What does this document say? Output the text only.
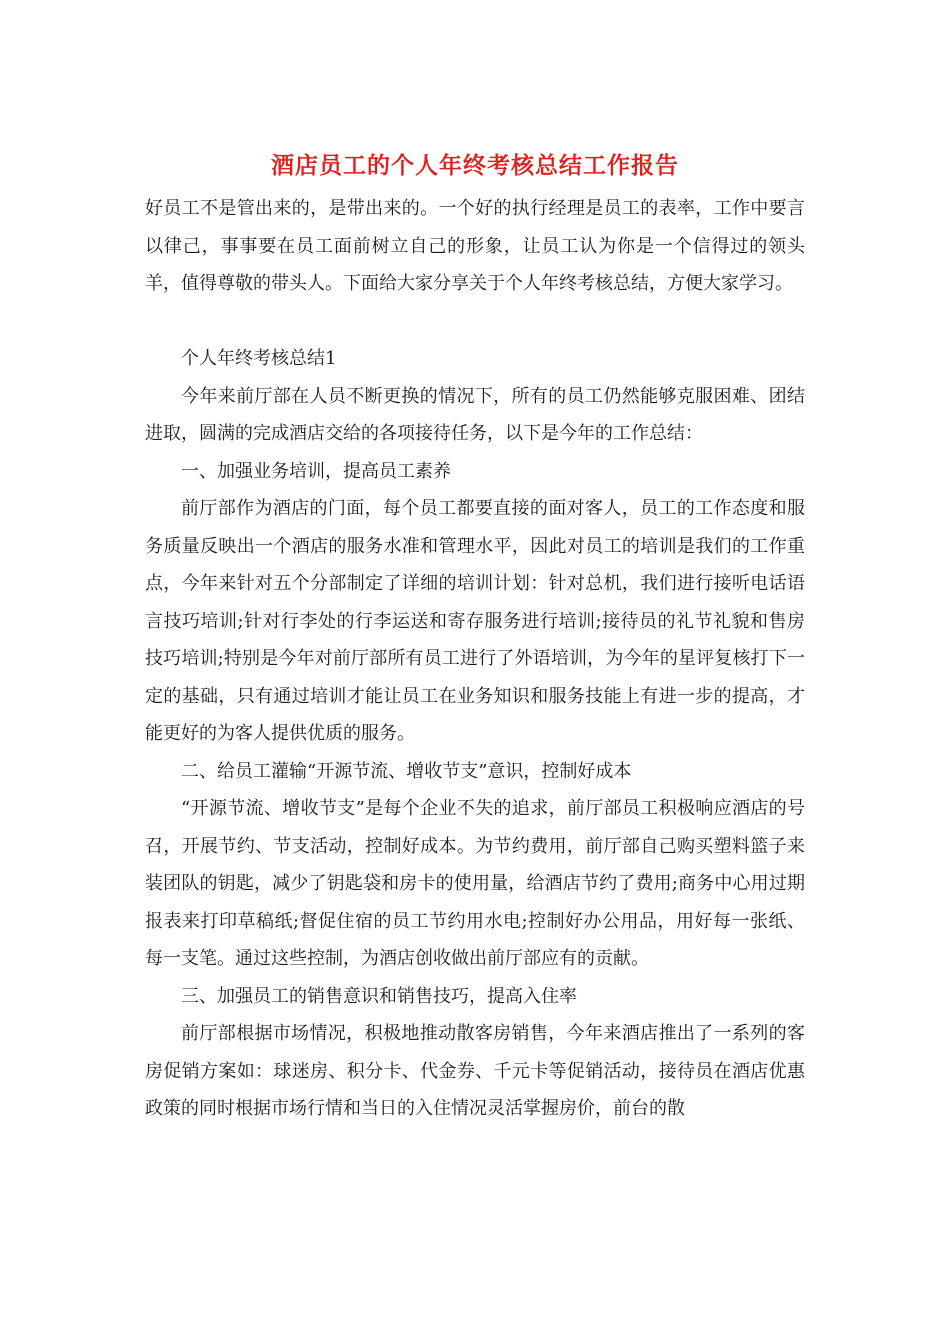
酒店员工的个人年终考核总结工作报告

好员工不是管出来的，是带出来的。一个好的执行经理是员工的表率，工作中要言以律己，事事要在员工面前树立自己的形象，让员工认为你是一个信得过的领头羊，值得尊敬的带头人。下面给大家分享关于个人年终考核总结，方便大家学习。

个人年终考核总结1

今年来前厅部在人员不断更换的情况下，所有的员工仍然能够克服困难、团结进取，圆满的完成酒店交给的各项接待任务，以下是今年的工作总结：

一、加强业务培训，提高员工素养

前厅部作为酒店的门面，每个员工都要直接的面对客人，员工的工作态度和服务质量反映出一个酒店的服务水准和管理水平，因此对员工的培训是我们的工作重点，今年来针对五个分部制定了详细的培训计划：针对总机，我们进行接听电话语言技巧培训;针对行李处的行李运送和寄存服务进行培训;接待员的礼节礼貌和售房技巧培训;特别是今年对前厅部所有员工进行了外语培训，为今年的星评复核打下一定的基础，只有通过培训才能让员工在业务知识和服务技能上有进一步的提高，才能更好的为客人提供优质的服务。

二、给员工灌输“开源节流、增收节支”意识，控制好成本

“开源节流、增收节支”是每个企业不失的追求，前厅部员工积极响应酒店的号召，开展节约、节支活动，控制好成本。为节约费用，前厅部自己购买塑料篮子来装团队的钥匙，减少了钥匙袋和房卡的使用量，给酒店节约了费用;商务中心用过期报表来打印草稿纸;督促住宿的员工节约用水电;控制好办公用品，用好每一张纸、每一支笔。通过这些控制，为酒店创收做出前厅部应有的贡献。

三、加强员工的销售意识和销售技巧，提高入住率

前厅部根据市场情况，积极地推动散客房销售，今年来酒店推出了一系列的客房促销方案如：球迷房、积分卡、代金券、千元卡等促销活动，接待员在酒店优惠政策的同时根据市场行情和当日的入住情况灵活掌握房价，前台的散
